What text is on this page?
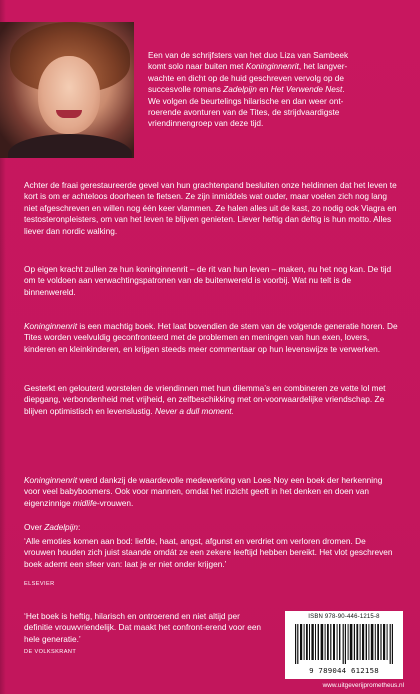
Een van de schrijfsters van het duo Liza van Sambeek
komt solo naar buiten met Koninginnenrit, het langver-
wachte en dicht op de huid geschreven vervolg op de
succesvolle romans Zadelpijn en Het Verwende Nest.
We volgen de beurtelings hilarische en dan weer ont-
roerende avonturen van de Tites, de strijdvaardigste
vriendinnengroep van deze tijd.

Achter de fraai gerestaureerde gevel van hun grachtenpand besluiten onze heldinnen dat het leven te kort is om er achteloos doorheen te fietsen. Ze zijn inmiddels wat ouder, maar voelen zich nog lang niet afgeschreven en willen nog één keer vlammen. Ze halen alles uit de kast, zo nodig ook Viagra en testosteronpleisters, om van het leven te blijven genieten. Liever heftig dan deftig is hun motto. Alles liever dan nordic walking.

Op eigen kracht zullen ze hun koninginnenrit – de rit van hun leven – maken, nu het nog kan. De tijd om te voldoen aan verwachtingspatronen van de buitenwereld is voorbij. Wat nu telt is de binnenwereld.

Koninginnenrit is een machtig boek. Het laat bovendien de stem van de volgende generatie horen. De Tites worden veelvuldig geconfronteerd met de problemen en meningen van hun exen, lovers, kinderen en kleinkinderen, en krijgen steeds meer commentaar op hun levenswijze te verwerken.

Gesterkt en gelouterd worstelen de vriendinnen met hun dilemma’s en combineren ze vette lol met diepgang, verbondenheid met vrijheid, en zelfbeschikking met on-voorwaardelijke vriendschap. Ze blijven optimistisch en levenslustig. Never a dull moment.

Koninginnenrit werd dankzij de waardevolle medewerking van Loes Noy een boek der herkenning voor veel babyboomers. Ook voor mannen, omdat het inzicht geeft in het denken en doen van eigenzinnige midlife-vrouwen.

Over Zadelpijn:

‘Alle emoties komen aan bod: liefde, haat, angst, afgunst en verdriet om verloren dromen. De vrouwen houden zich juist staande omdát ze een zekere leeftijd hebben bereikt. Het vlot geschreven boek ademt een sfeer van: laat je er niet onder krijgen.’

ELSEVIER

‘Het boek is heftig, hilarisch en ontroerend en niet altijd per definitie vrouwvriendelijk. Dat maakt het confront-erend voor een hele generatie.’

DE VOLKSKRANT

ISBN 978-90-446-1215-8
9 789044 612158

www.uitgeverijprometheus.nl
